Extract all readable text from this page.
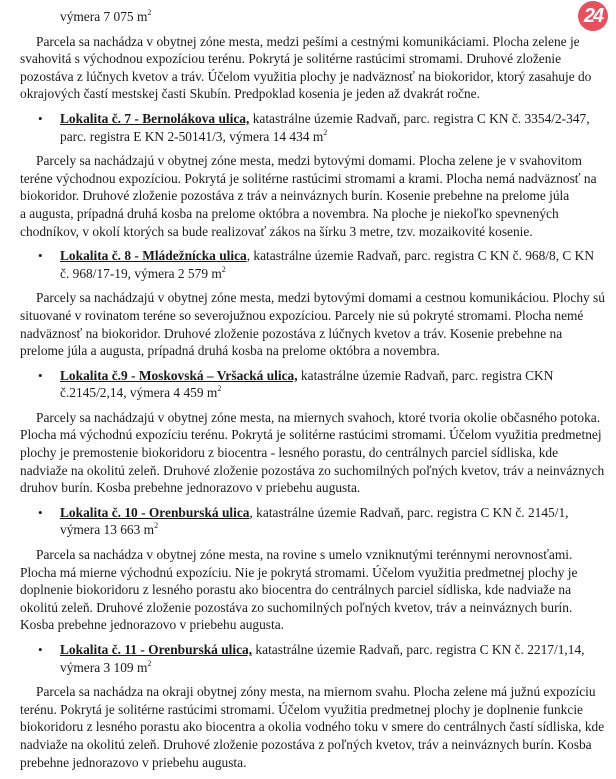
24
výmera 7 075 $m^2$
Parcela sa nachádza v obytnej zóne mesta, medzi pešími a cestnými komunikáciami. Plocha zelene je
svahovitá s východnou expozíciou terénu. Pokrytá je solitérne rastúcimi stromami. Druhové zloženie
pozostáva z lúčnych kvetov a tráv. Účelom využitia plochy je nadväznosť na biokoridor, ktorý zasahuje do
okrajových častí mestskej časti Skubín. Predpoklad kosenia je jeden až dvakrát ročne.
• Lokalita č. 7 - Bernolákova ulica, katastrálne územie Radvaň, parc. registra C KN č. 3354/2-347,
parc. registra E KN 2-50141/3, výmera 14 434 $m^2$
Parcely sa nachádzajú v obytnej zóne mesta, medzi bytovými domami. Plocha zelene je v svahovitom
teréne východnou expozíciou. Pokrytá je solitérne rastúcimi stromami a krami. Plocha nemá nadväznosť na
biokoridor. Druhové zloženie pozostáva z tráv a neinváznych burín. Kosenie prebehne na prelome júla
a augusta, prípadná druhá kosba na prelome októbra a novembra. Na ploche je niekoľko spevnených
chodníkov, v okolí ktorých sa bude realizovať zákos na šírku 3 metre, tzv. mozaikovité kosenie.
• Lokalita č. 8 - Mládežnícka ulica, katastrálne územie Radvaň, parc. registra C KN č. 968/8, C KN
č. 968/17-19, výmera 2 579 $m^2$
Parcely sa nachádzajú v obytnej zóne mesta, medzi bytovými domami a cestnou komunikáciou. Plochy sú
situované v rovinatom teréne so severojužnou expozíciou. Parcely nie sú pokryté stromami. Plocha nemé
nadväznosť na biokoridor. Druhové zloženie pozostáva z lúčnych kvetov a tráv. Kosenie prebehne na
prelome júla a augusta, prípadná druhá kosba na prelome októbra a novembra.
• Lokalita č.9 - Moskovská – Vršacká ulica, katastrálne územie Radvaň, parc. registra CKN
č.2145/2,14, výmera 4 459 $m^2$
Parcely sa nachádzajú v obytnej zóne mesta, na miernych svahoch, ktoré tvoria okolie občasného potoka.
Plocha má východnú expozíciu terénu. Pokrytá je solitérne rastúcimi stromami. Účelom využitia predmetnej
plochy je premostenie biokoridoru z biocentra - lesného porastu, do centrálnych parciel sídliska, kde
nadviaže na okolitú zeleň. Druhové zloženie pozostáva zo suchomilných poľných kvetov, tráv a neinváznych
druhov burín. Kosba prebehne jednorazovo v priebehu augusta.
• Lokalita č. 10 - Orenburská ulica, katastrálne územie Radvaň, parc. registra C KN č. 2145/1,
výmera 13 663 $m^2$
Parcela sa nachádza v obytnej zóne mesta, na rovine s umelo vzniknutými terénnymi nerovnosťami.
Plocha má mierne východnú expozíciu. Nie je pokrytá stromami. Účelom využitia predmetnej plochy je
doplnenie biokoridoru z lesného porastu ako biocentra do centrálnych parciel sídliska, kde nadviaže na
okolitú zeleň. Druhové zloženie pozostáva zo suchomilných poľných kvetov, tráv a neinváznych burín.
Kosba prebehne jednorazovo v priebehu augusta.
• Lokalita č. 11 - Orenburská ulica, katastrálne územie Radvaň, parc. registra C KN č. 2217/1,14,
výmera 3 109 $m^2$
Parcela sa nachádza na okraji obytnej zóny mesta, na miernom svahu. Plocha zelene má južnú expozíciu
terénu. Pokrytá je solitérne rastúcimi stromami. Účelom využitia predmetnej plochy je doplnenie funkcie
biokoridoru z lesného porastu ako biocentra a okolia vodného toku v smere do centrálnych častí sídliska, kde
nadviaže na okolitú zeleň. Druhové zloženie pozostáva z poľných kvetov, tráv a neinváznych burín. Kosba
prebehne jednorazovo v priebehu augusta.
